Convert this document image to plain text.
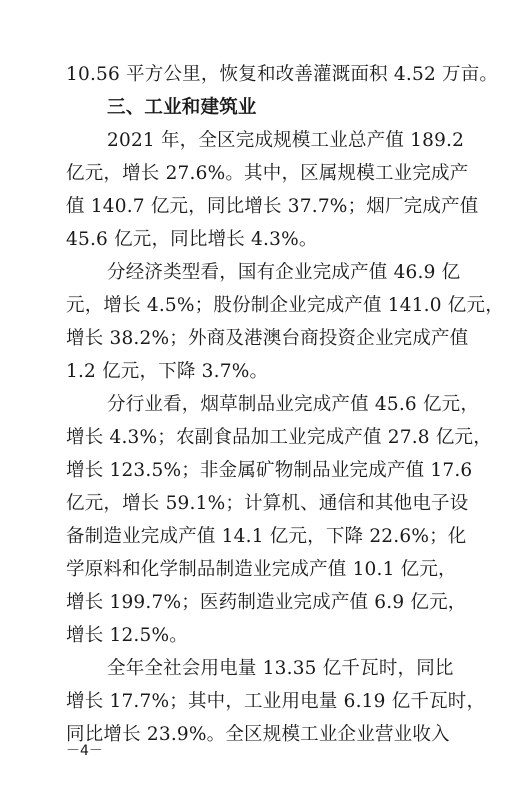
10.56 平方公里，恢复和改善灌溉面积 4.52 万亩。
三、工业和建筑业
2021 年，全区完成规模工业总产值 189.2
亿元，增长 27.6%。其中，区属规模工业完成产
值 140.7 亿元，同比增长 37.7%；烟厂完成产值
45.6 亿元，同比增长 4.3%。
分经济类型看，国有企业完成产值 46.9 亿
元，增长 4.5%；股份制企业完成产值 141.0 亿元，
增长 38.2%；外商及港澳台商投资企业完成产值
1.2 亿元，下降 3.7%。
分行业看，烟草制品业完成产值 45.6 亿元，
增长 4.3%；农副食品加工业完成产值 27.8 亿元，
增长 123.5%；非金属矿物制品业完成产值 17.6
亿元，增长 59.1%；计算机、通信和其他电子设
备制造业完成产值 14.1 亿元，下降 22.6%；化
学原料和化学制品制造业完成产值 10.1 亿元，
增长 199.7%；医药制造业完成产值 6.9 亿元，
增长 12.5%。
全年全社会用电量 13.35 亿千瓦时，同比
增长 17.7%；其中，工业用电量 6.19 亿千瓦时，
同比增长 23.9%。全区规模工业企业营业收入
－4－
